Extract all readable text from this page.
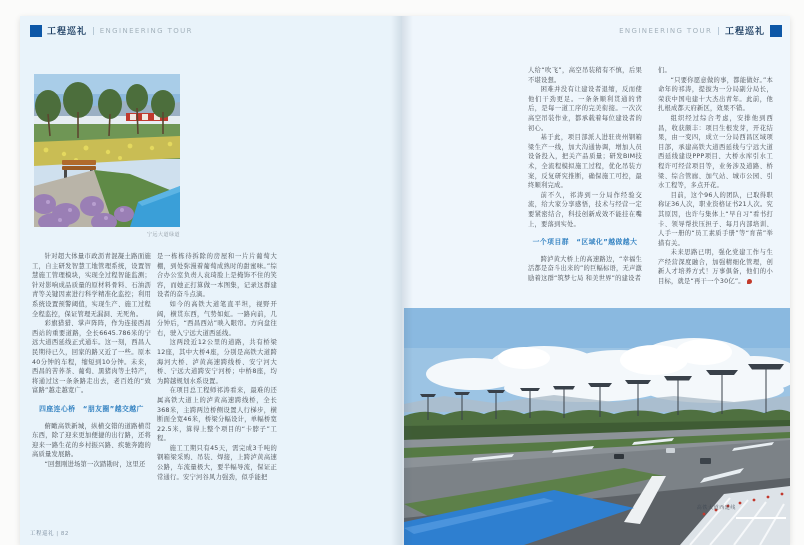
工程巡礼 | ENGINEERING TOUR
宁远大道绿道

针对超大体量市政沥青混凝土路面施工，自主研发智慧工地管理系统，设置智慧施工管理模块，实现全过程智能监测；针对影响成品质量的原材料骨料、石油沥青等关键因素进行科学精准化监控；利用系统设置预警阈值，实现生产、施工过程全程监控，保证管理无漏洞、无死角。

彩旗猎猎、掌声阵阵，作为连接西昌西站的重要道路，全长6645.786米的宁远大道西延线正式通车。这一刻，西昌人民期待已久，回家的路又近了一些。原本40分钟的车程，缩短到10分钟。未来，西昌的苦荞茶、葡萄、黑猪肉等土特产，将通过这一条条路走出去，老百姓的“致富路”越走越宽广。

四座连心桥　“朋友圈”越交越广

俯瞰高铁新城，纵横交错的道路横贯东西，除了迎来更加便捷的出行路，还将迎来一路生花的乡村振兴路、疾驰奔跑的高质量发展路。

“回想刚进场第一次踏勘时，这里还

是一栋栋待拆除的房屋和一片片葡萄大棚，到处弥漫着葡萄成熟时的甜蜜味。”综合办公室负责人袁琦脸上是掩饰不住的笑容，而她正打算做一本图集，记录这群建设者的奋斗点滴。

如今的高铁大道笔直平坦，视野开阔，横贯东西，气势如虹。一路向前，几分钟后，“西昌西站”映入眼帘。方向盘往右，驶入宁远大道西延线。

这两段近12公里的道路，共有桥梁12座，其中大桥4座，分别是高铁大道跨海河大桥、泸黄高速跨线桥、安宁河大桥、宁远大道跨安宁河桥；中桥8座，均为跨越规划水系设置。

在项目总工程师祁涛看来，最难的还属高铁大道上的泸黄高速跨线桥，全长368米，主跨两边桥侧设置人行梯步，横断面全宽46米，桥梁分幅设计，单幅桥宽22.5米，算得上整个项目的“卡脖子”工程。

施工工期只有45天，需完成3千吨的钢箱梁采购、吊装、焊接，上跨泸黄高速公路，车流量极大，要半幅导流，保证正常通行。安宁河谷风力强劲，似乎能把

工程巡礼 | 82
ENGINEERING TOUR | 工程巡礼

人给“吹飞”，高空吊装稍有不慎，后果不堪设想。

困难并没有让建设者退缩，反而使他们干劲更足。一条条顺利贯通的背后，是每一道工序的完美衔接。一次次高空吊装作业，都承载着每位建设者的初心。

基于此，项目部派人进驻贵州钢箱梁生产一线，加大沟通协调，增加人员设备投入，把关产品质量；研发BIM技术，全流程模拟施工过程，优化吊装方案，反复研究推断，确保施工可控，最终顺利完成。

前不久，祁涛到一分局作经验交流，给大家分享感悟，技术与经营一定要紧密结合，科技创新成效不能挂在嘴上，要落到实处。

一个项目群　“区域化”越做越大

跨泸黄大桥上的高速路边，“幸福生活都是奋斗出来的”的巨幅标语，无声激励着这群“筑梦七局 和美世界”的建设者

们。

“只要你愿意做的事，都能做好。”本命年的祁涛，提拔为一分局副分局长，荣获中国电建十大杰出青年。此前，他扎根成都天府新区，效果不错。

组织经过综合考虑，安排他到西昌，收获颇丰：项目生根发芽，开花结果，由一变四，成立一分局西昌区域项目部，承建高铁大道西延线与宁远大道西延线建设PPP项目、大桥水库引水工程许可经营项目等，业务涉及道路、桥梁、综合管廊、加气站、城市公园、引水工程等，多点开花。

目前，这个96人的团队，已取得职称证36人次，职业资格证书21人次。究其原因，也许与集体上“早自习”看书打卡、领导帮扶压担子、每月内部培训、人手一册的“员工素质手册”等“育苗”举措有关。

未来思路已明，强化党建工作与生产经营深度融合，加强精细化管理，创新人才培养方式！万事俱备，他们的小目标，就是“再干一个30亿”。

高铁大道西延线
